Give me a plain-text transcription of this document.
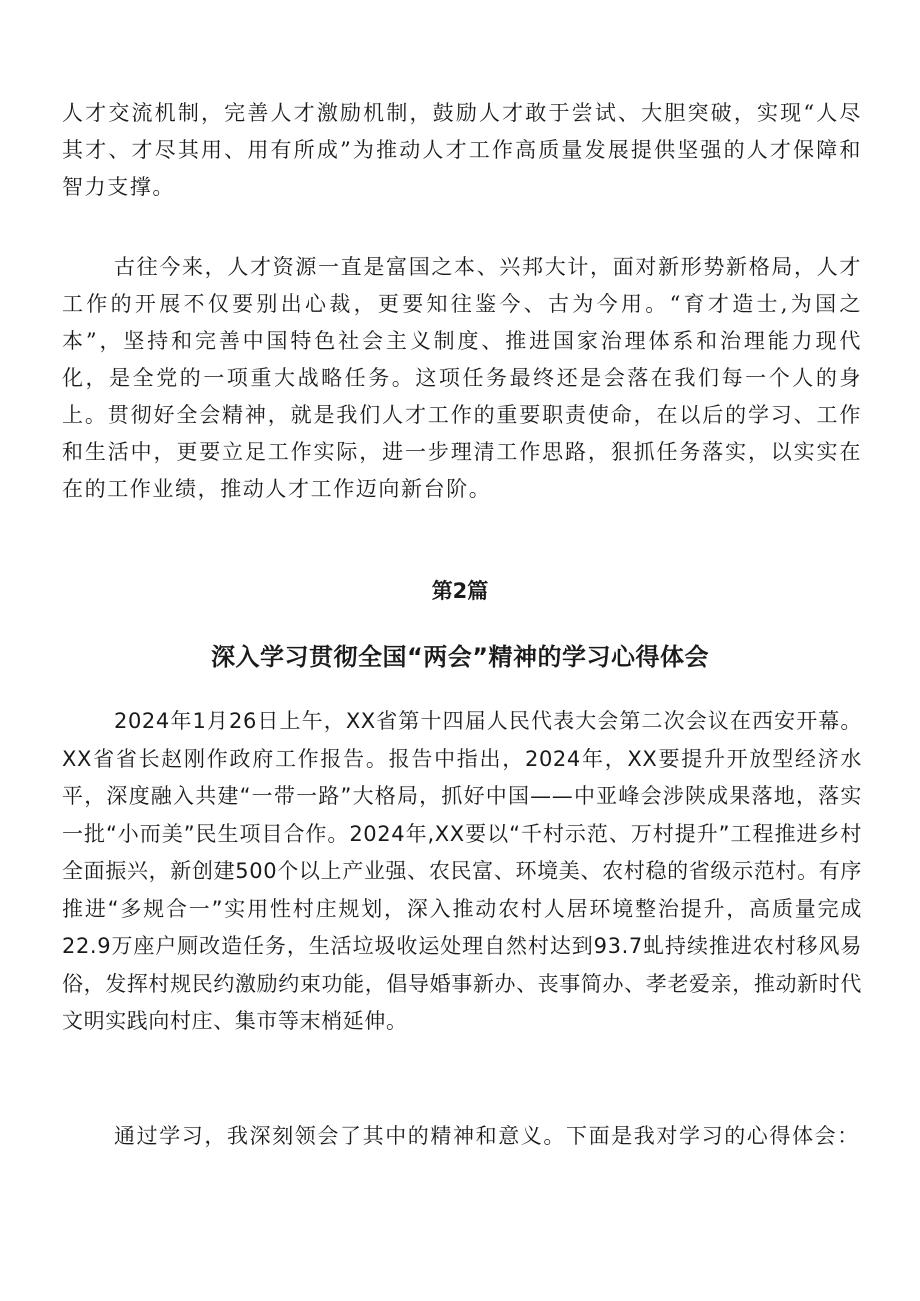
人才交流机制，完善人才激励机制，鼓励人才敢于尝试、大胆突破，实现“人尽其才、才尽其用、用有所成”为推动人才工作高质量发展提供坚强的人才保障和智力支撑。

古往今来，人才资源一直是富国之本、兴邦大计，面对新形势新格局，人才工作的开展不仅要别出心裁，更要知往鉴今、古为今用。“育才造士,为国之本”，坚持和完善中国特色社会主义制度、推进国家治理体系和治理能力现代化，是全党的一项重大战略任务。这项任务最终还是会落在我们每一个人的身上。贯彻好全会精神，就是我们人才工作的重要职责使命，在以后的学习、工作和生活中，更要立足工作实际，进一步理清工作思路，狠抓任务落实，以实实在在的工作业绩，推动人才工作迈向新台阶。

第2篇
深入学习贯彻全国“两会”精神的学习心得体会

2024年1月26日上午，XX省第十四届人民代表大会第二次会议在西安开幕。XX省省长赵刚作政府工作报告。报告中指出，2024年，XX要提升开放型经济水平，深度融入共建“一带一路”大格局，抓好中国——中亚峰会涉陕成果落地，落实一批“小而美”民生项目合作。2024年,XX要以“千村示范、万村提升”工程推进乡村全面振兴，新创建500个以上产业强、农民富、环境美、农村稳的省级示范村。有序推进“多规合一”实用性村庄规划，深入推动农村人居环境整治提升，高质量完成22.9万座户厕改造任务，生活垃圾收运处理自然村达到93.7虬持续推进农村移风易俗，发挥村规民约激励约束功能，倡导婚事新办、丧事简办、孝老爱亲，推动新时代文明实践向村庄、集市等末梢延伸。

通过学习，我深刻领会了其中的精神和意义。下面是我对学习的心得体会：
